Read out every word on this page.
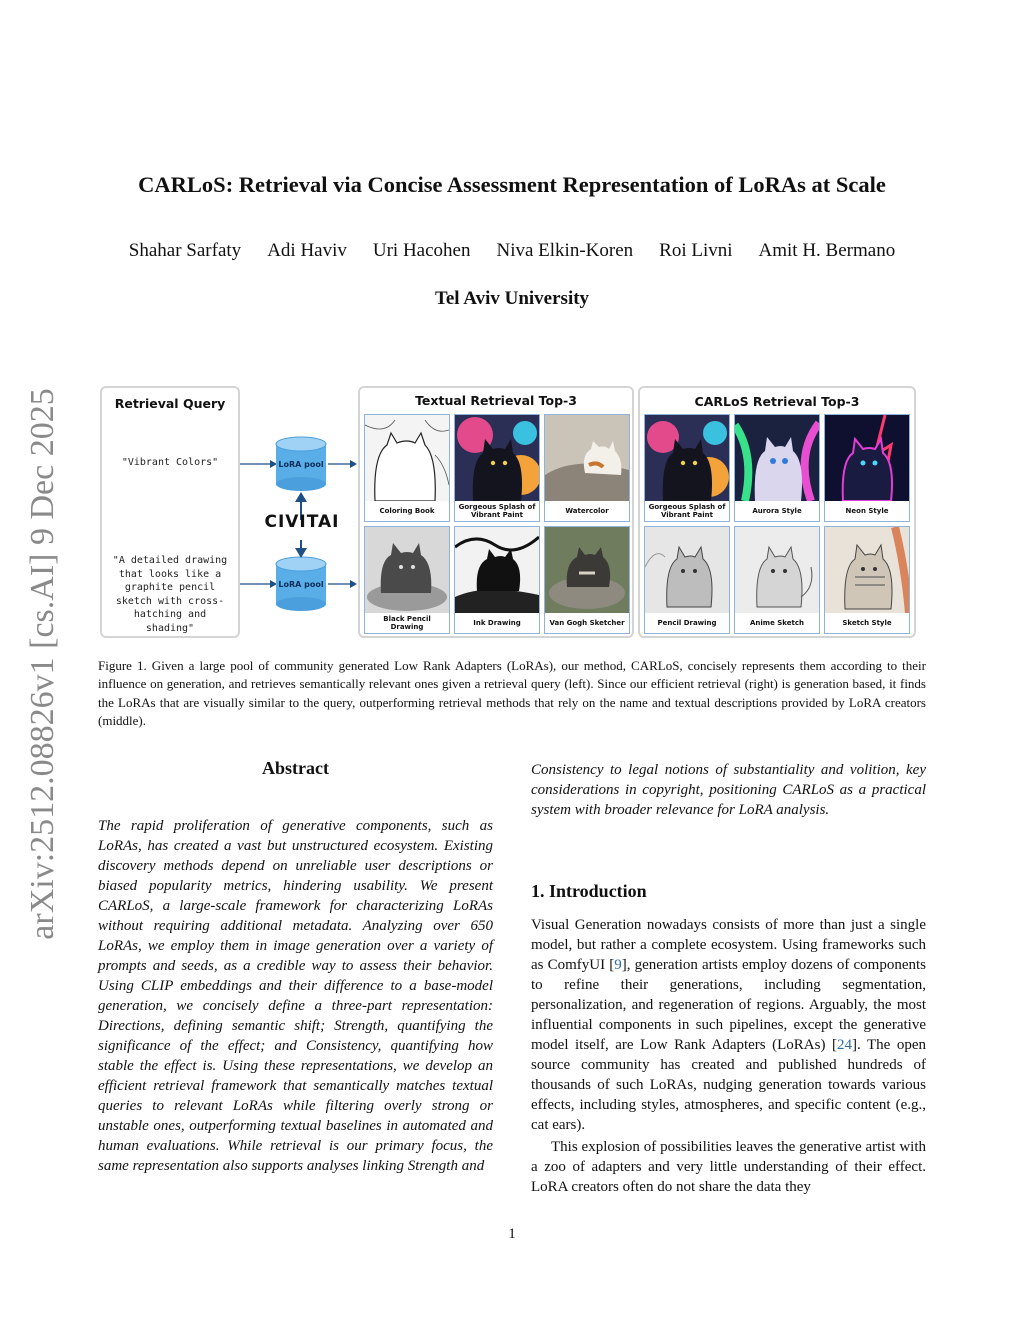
arXiv:2512.08826v1 [cs.AI] 9 Dec 2025
CARLoS: Retrieval via Concise Assessment Representation of LoRAs at Scale
Shahar Sarfaty Adi Haviv Uri Hacohen Niva Elkin-Koren Roi Livni Amit H. Bermano
Tel Aviv University
Retrieval Query
"Vibrant Colors"
"A detailed drawing that looks like a graphite pencil sketch with cross-hatching and shading"
LoRA pool
LoRA pool
CIVITAI
Textual Retrieval Top-3
Coloring Book	Gorgeous Splash of Vibrant Paint	Watercolor
Black Pencil Drawing	Ink Drawing	Van Gogh Sketcher
CARLoS Retrieval Top-3
Gorgeous Splash of Vibrant Paint	Aurora Style	Neon Style
Pencil Drawing	Anime Sketch	Sketch Style
Figure 1. Given a large pool of community generated Low Rank Adapters (LoRAs), our method, CARLoS, concisely represents them according to their influence on generation, and retrieves semantically relevant ones given a retrieval query (left). Since our efficient retrieval (right) is generation based, it finds the LoRAs that are visually similar to the query, outperforming retrieval methods that rely on the name and textual descriptions provided by LoRA creators (middle).
Abstract
The rapid proliferation of generative components, such as LoRAs, has created a vast but unstructured ecosystem. Existing discovery methods depend on unreliable user descriptions or biased popularity metrics, hindering usability. We present CARLoS, a large-scale framework for characterizing LoRAs without requiring additional metadata. Analyzing over 650 LoRAs, we employ them in image generation over a variety of prompts and seeds, as a credible way to assess their behavior. Using CLIP embeddings and their difference to a base-model generation, we concisely define a three-part representation: Directions, defining semantic shift; Strength, quantifying the significance of the effect; and Consistency, quantifying how stable the effect is. Using these representations, we develop an efficient retrieval framework that semantically matches textual queries to relevant LoRAs while filtering overly strong or unstable ones, outperforming textual baselines in automated and human evaluations. While retrieval is our primary focus, the same representation also supports analyses linking Strength and
Consistency to legal notions of substantiality and volition, key considerations in copyright, positioning CARLoS as a practical system with broader relevance for LoRA analysis.
1. Introduction
Visual Generation nowadays consists of more than just a single model, but rather a complete ecosystem. Using frameworks such as ComfyUI [9], generation artists employ dozens of components to refine their generations, including segmentation, personalization, and regeneration of regions. Arguably, the most influential components in such pipelines, except the generative model itself, are Low Rank Adapters (LoRAs) [24]. The open source community has created and published hundreds of thousands of such LoRAs, nudging generation towards various effects, including styles, atmospheres, and specific content (e.g., cat ears).
This explosion of possibilities leaves the generative artist with a zoo of adapters and very little understanding of their effect. LoRA creators often do not share the data they
1
